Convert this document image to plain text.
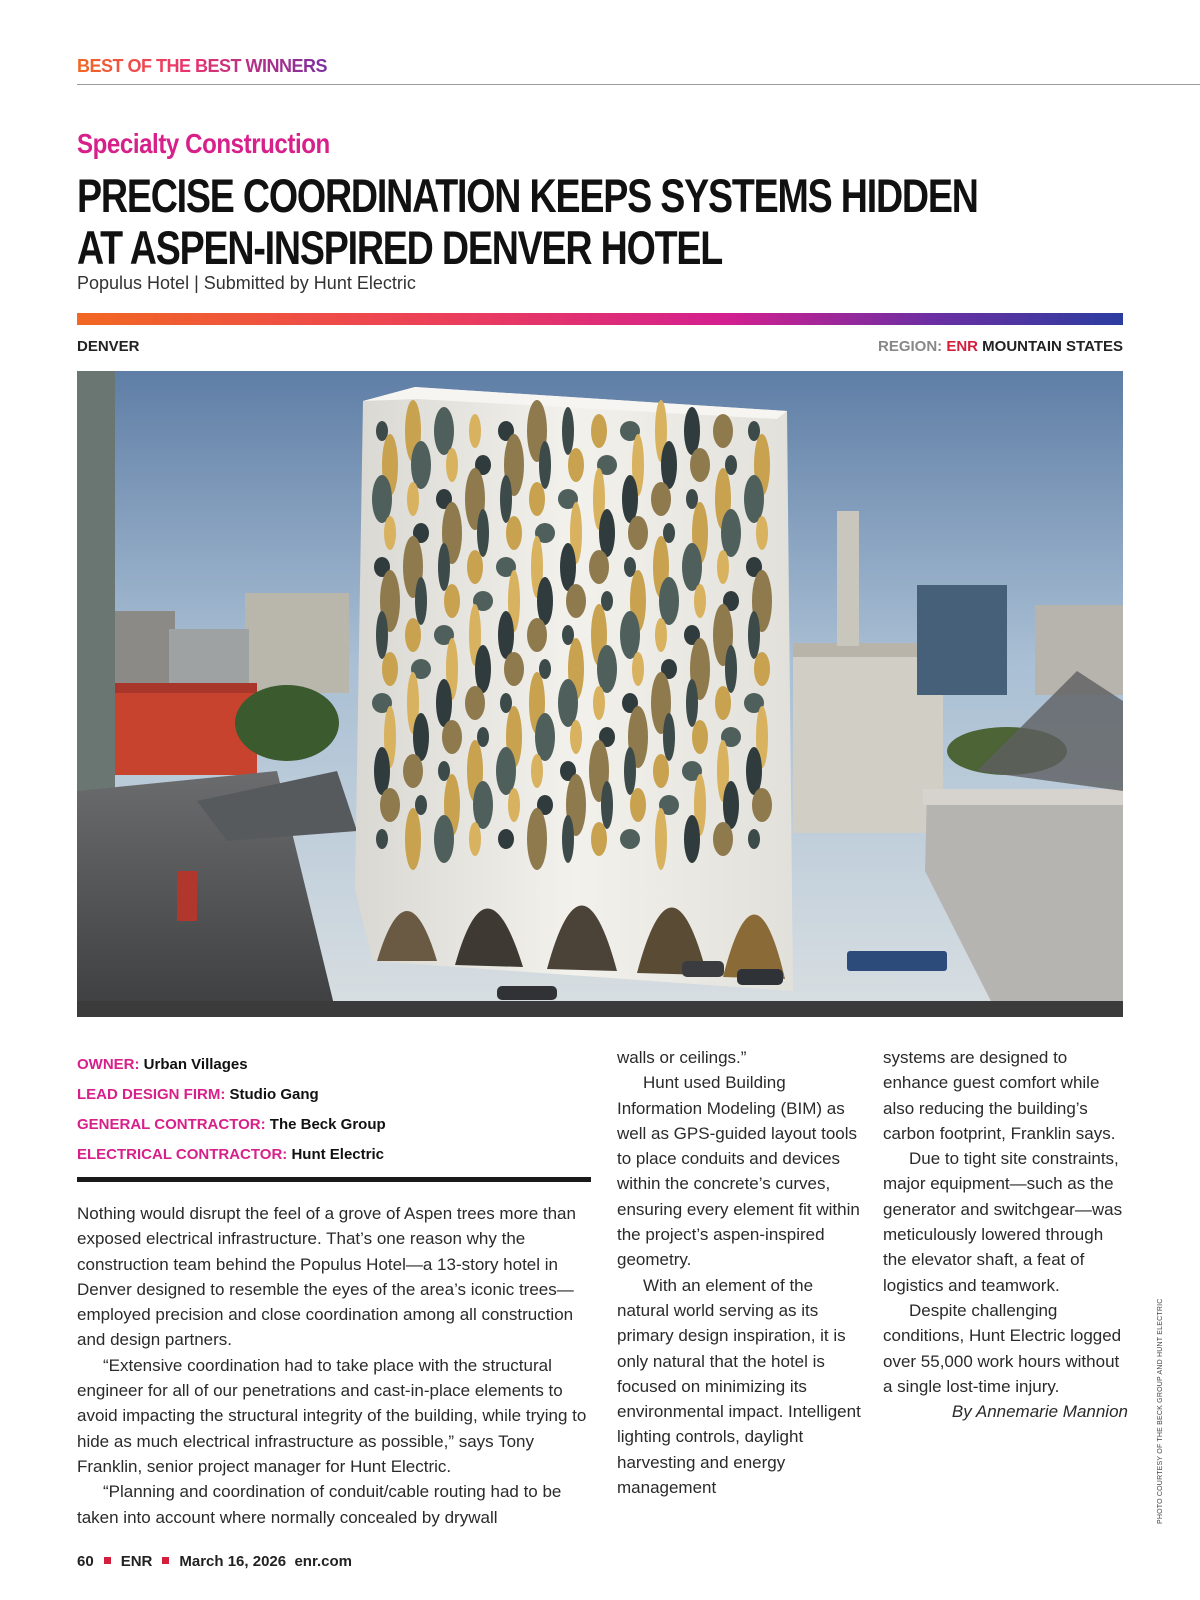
BEST OF THE BEST WINNERS
Specialty Construction
PRECISE COORDINATION KEEPS SYSTEMS HIDDEN AT ASPEN-INSPIRED DENVER HOTEL
Populus Hotel | Submitted by Hunt Electric
DENVER	REGION: ENR MOUNTAIN STATES
OWNER: Urban Villages
LEAD DESIGN FIRM: Studio Gang
GENERAL CONTRACTOR: The Beck Group
ELECTRICAL CONTRACTOR: Hunt Electric

Nothing would disrupt the feel of a grove of Aspen trees more than exposed electrical infrastructure. That’s one reason why the construction team behind the Populus Hotel—a 13-story hotel in Denver designed to resemble the eyes of the area’s iconic trees—employed precision and close coordination among all construction and design partners.

“Extensive coordination had to take place with the structural engineer for all of our penetrations and cast-in-place elements to avoid impacting the structural integrity of the building, while trying to hide as much electrical infrastructure as possible,” says Tony Franklin, senior project manager for Hunt Electric.

“Planning and coordination of conduit/cable routing had to be taken into account where normally concealed by drywall

walls or ceilings.”

Hunt used Building Information Modeling (BIM) as well as GPS-guided layout tools to place conduits and devices within the concrete’s curves, ensuring every element fit within the project’s aspen-inspired geometry.

With an element of the natural world serving as its primary design inspiration, it is only natural that the hotel is focused on minimizing its environmental impact. Intelligent lighting controls, daylight harvesting and energy management

systems are designed to enhance guest comfort while also reducing the building’s carbon footprint, Franklin says.

Due to tight site constraints, major equipment—such as the generator and switchgear—was meticulously lowered through the elevator shaft, a feat of logistics and teamwork.

Despite challenging conditions, Hunt Electric logged over 55,000 work hours without a single lost-time injury.

By Annemarie Mannion	PHOTO COURTESY OF THE BECK GROUP AND HUNT ELECTRIC
60 ENR March 16, 2026 enr.com
